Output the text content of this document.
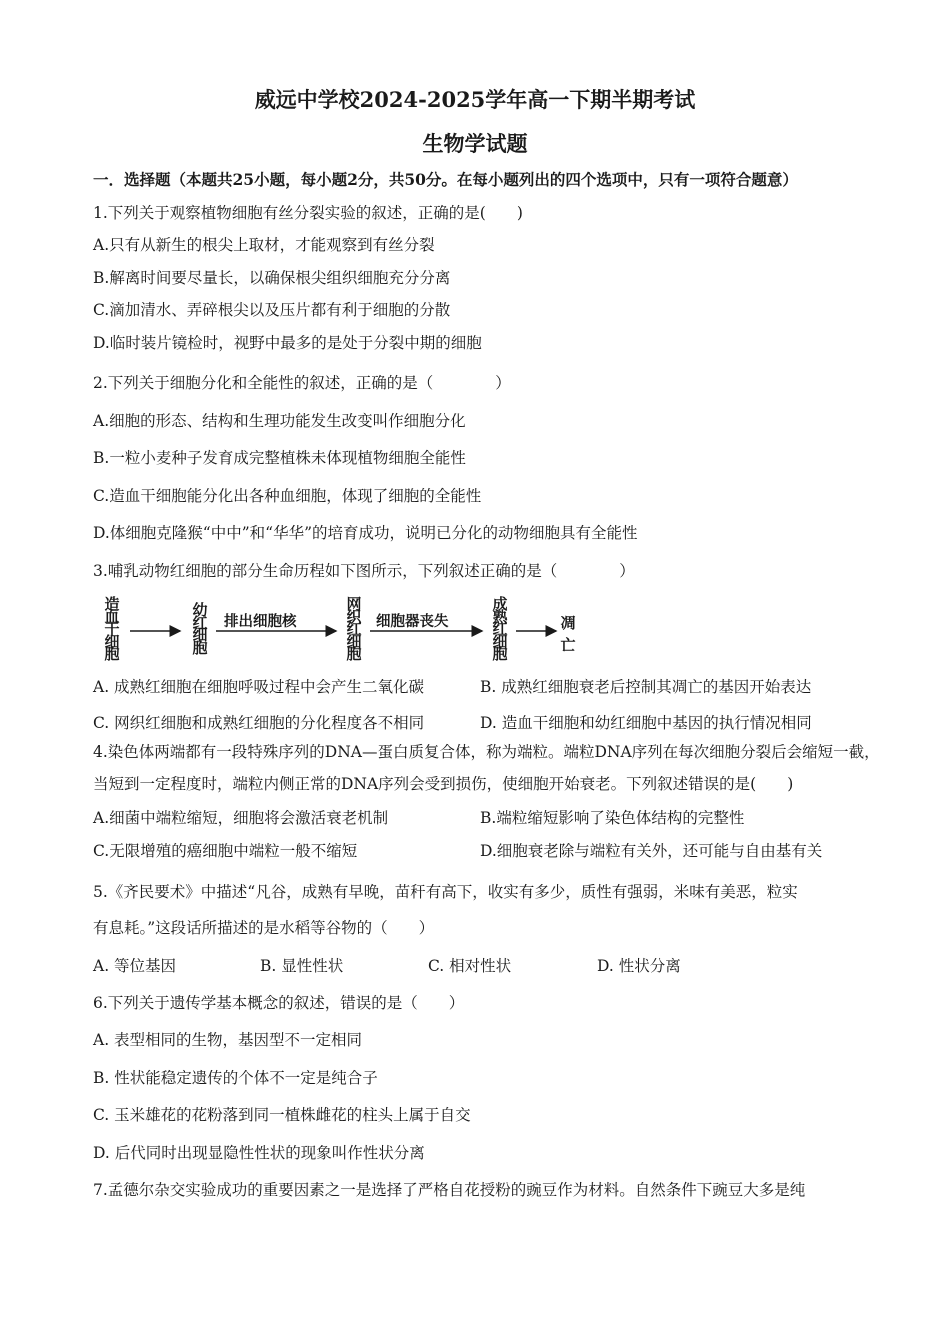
威远中学校2024-2025学年高一下期半期考试
生物学试题
一．选择题（本题共25小题，每小题2分，共50分。在每小题列出的四个选项中，只有一项符合题意）
1.下列关于观察植物细胞有丝分裂实验的叙述，正确的是(　　)
A.只有从新生的根尖上取材，才能观察到有丝分裂
B.解离时间要尽量长，以确保根尖组织细胞充分分离
C.滴加清水、弄碎根尖以及压片都有利于细胞的分散
D.临时装片镜检时，视野中最多的是处于分裂中期的细胞
2.下列关于细胞分化和全能性的叙述，正确的是（　　　　）
A.细胞的形态、结构和生理功能发生改变叫作细胞分化
B.一粒小麦种子发育成完整植株未体现植物细胞全能性
C.造血干细胞能分化出各种血细胞，体现了细胞的全能性
D.体细胞克隆猴“中中”和“华华”的培育成功，说明已分化的动物细胞具有全能性
3.哺乳动物红细胞的部分生命历程如下图所示，下列叙述正确的是（　　　　）
造血干细胞
幼红细胞
排出细胞核
网织红细胞
细胞器丧失
成熟红细胞
凋亡
A. 成熟红细胞在细胞呼吸过程中会产生二氧化碳	B. 成熟红细胞衰老后控制其凋亡的基因开始表达
C. 网织红细胞和成熟红细胞的分化程度各不相同	D. 造血干细胞和幼红细胞中基因的执行情况相同
4.染色体两端都有一段特殊序列的DNA—蛋白质复合体，称为端粒。端粒DNA序列在每次细胞分裂后会缩短一截，
当短到一定程度时，端粒内侧正常的DNA序列会受到损伤，使细胞开始衰老。下列叙述错误的是(　　)
A.细菌中端粒缩短，细胞将会激活衰老机制	B.端粒缩短影响了染色体结构的完整性
C.无限增殖的癌细胞中端粒一般不缩短	D.细胞衰老除与端粒有关外，还可能与自由基有关
5.《齐民要术》中描述“凡谷，成熟有早晚，苗秆有高下，收实有多少，质性有强弱，米味有美恶，粒实
有息耗。”这段话所描述的是水稻等谷物的（　　）
A. 等位基因	B. 显性性状	C. 相对性状	D. 性状分离
6.下列关于遗传学基本概念的叙述，错误的是（　　）
A. 表型相同的生物，基因型不一定相同
B. 性状能稳定遗传的个体不一定是纯合子
C. 玉米雄花的花粉落到同一植株雌花的柱头上属于自交
D. 后代同时出现显隐性性状的现象叫作性状分离
7.孟德尔杂交实验成功的重要因素之一是选择了严格自花授粉的豌豆作为材料。自然条件下豌豆大多是纯
